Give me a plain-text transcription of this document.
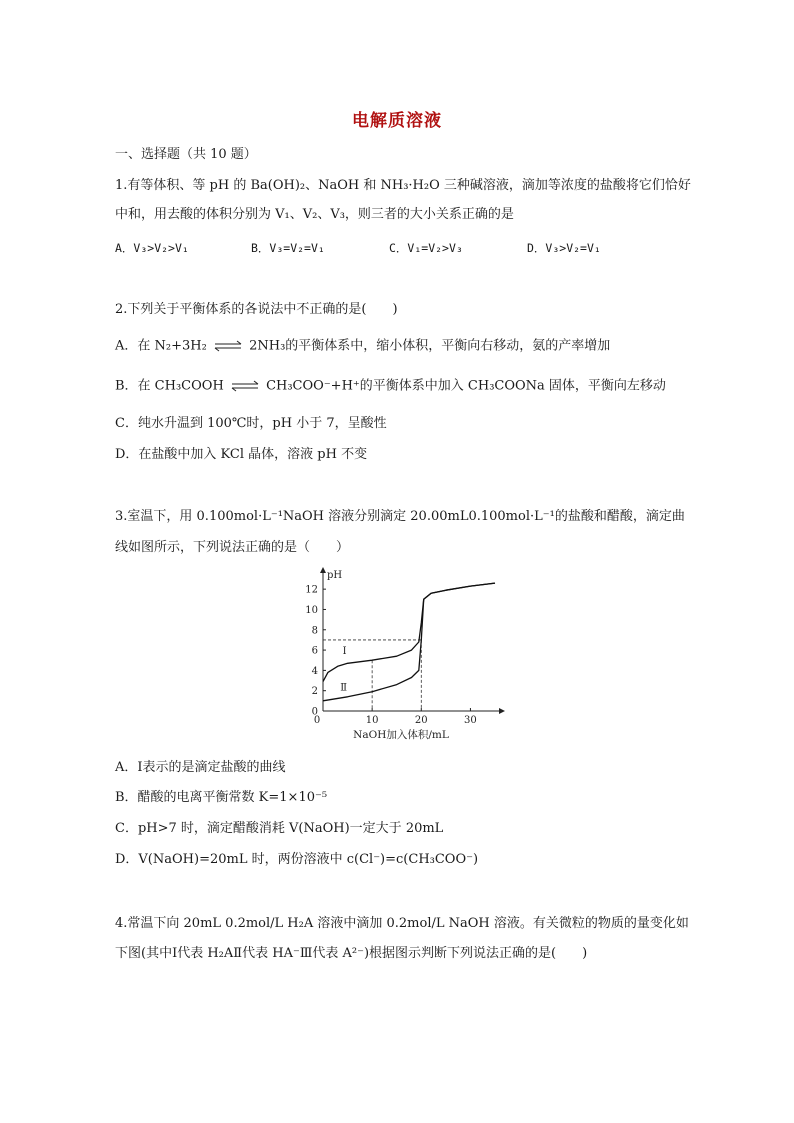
电解质溶液
一、选择题（共 10 题）
1.有等体积、等 pH 的 Ba(OH)₂、NaOH 和 NH₃·H₂O 三种碱溶液，滴加等浓度的盐酸将它们恰好
中和，用去酸的体积分别为 V₁、V₂、V₃，则三者的大小关系正确的是
A．V₃>V₂>V₁	B．V₃=V₂=V₁	C．V₁=V₂>V₃	D．V₃>V₂=V₁
2.下列关于平衡体系的各说法中不正确的是(　　)
A．在 N₂+3H₂ ⇌ 2NH₃的平衡体系中，缩小体积，平衡向右移动，氨的产率增加
B．在 CH₃COOH ⇌ CH₃COO⁻+H⁺的平衡体系中加入 CH₃COONa 固体，平衡向左移动
C．纯水升温到 100℃时，pH 小于 7，呈酸性
D．在盐酸中加入 KCl 晶体，溶液 pH 不变
3.室温下，用 0.100mol·L⁻¹NaOH 溶液分别滴定 20.00mL0.100mol·L⁻¹的盐酸和醋酸，滴定曲
线如图所示，下列说法正确的是（　　）
0
2
4
6
8
10
12
10	20	30
Ⅰ
Ⅱ
pH
0
NaOH加入体积/mL
A．Ⅰ表示的是滴定盐酸的曲线
B．醋酸的电离平衡常数 K=1×10⁻⁵
C．pH>7 时，滴定醋酸消耗 V(NaOH)一定大于 20mL
D．V(NaOH)=20mL 时，两份溶液中 c(Cl⁻)=c(CH₃COO⁻)
4.常温下向 20mL 0.2mol/L H₂A 溶液中滴加 0.2mol/L NaOH 溶液。有关微粒的物质的量变化如
下图(其中Ⅰ代表 H₂AⅡ代表 HA⁻Ⅲ代表 A²⁻)根据图示判断下列说法正确的是(　　)
